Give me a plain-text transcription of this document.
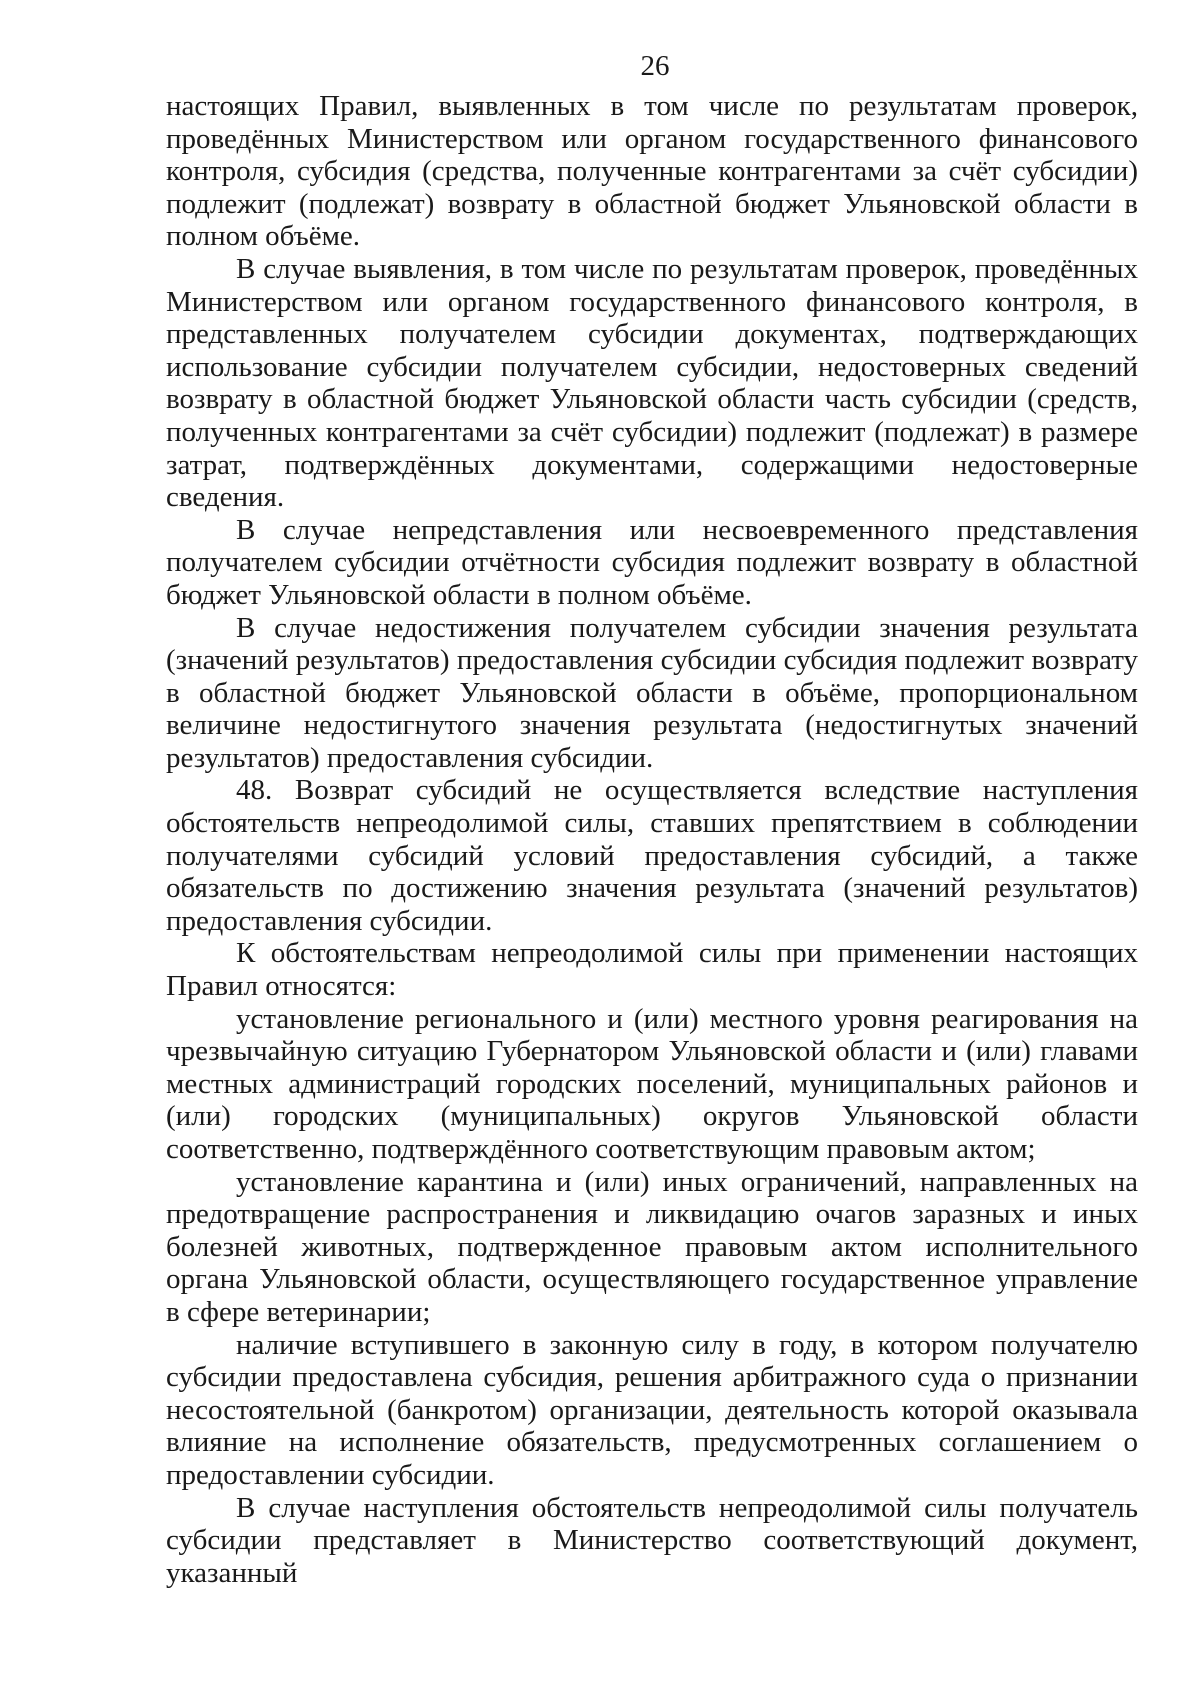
26

настоящих Правил, выявленных в том числе по результатам проверок, проведённых Министерством или органом государственного финансового контроля, субсидия (средства, полученные контрагентами за счёт субсидии) подлежит (подлежат) возврату в областной бюджет Ульяновской области в полном объёме.

В случае выявления, в том числе по результатам проверок, проведённых Министерством или органом государственного финансового контроля, в представленных получателем субсидии документах, подтверждающих использование субсидии получателем субсидии, недостоверных сведений возврату в областной бюджет Ульяновской области часть субсидии (средств, полученных контрагентами за счёт субсидии) подлежит (подлежат) в размере затрат, подтверждённых документами, содержащими недостоверные сведения.

В случае непредставления или несвоевременного представления получателем субсидии отчётности субсидия подлежит возврату в областной бюджет Ульяновской области в полном объёме.

В случае недостижения получателем субсидии значения результата (значений результатов) предоставления субсидии субсидия подлежит возврату в областной бюджет Ульяновской области в объёме, пропорциональном величине недостигнутого значения результата (недостигнутых значений результатов) предоставления субсидии.

48. Возврат субсидий не осуществляется вследствие наступления обстоятельств непреодолимой силы, ставших препятствием в соблюдении получателями субсидий условий предоставления субсидий, а также обязательств по достижению значения результата (значений результатов) предоставления субсидии.

К обстоятельствам непреодолимой силы при применении настоящих Правил относятся:

установление регионального и (или) местного уровня реагирования на чрезвычайную ситуацию Губернатором Ульяновской области и (или) главами местных администраций городских поселений, муниципальных районов и (или) городских (муниципальных) округов Ульяновской области соответственно, подтверждённого соответствующим правовым актом;

установление карантина и (или) иных ограничений, направленных на предотвращение распространения и ликвидацию очагов заразных и иных болезней животных, подтвержденное правовым актом исполнительного органа Ульяновской области, осуществляющего государственное управление в сфере ветеринарии;

наличие вступившего в законную силу в году, в котором получателю субсидии предоставлена субсидия, решения арбитражного суда о признании несостоятельной (банкротом) организации, деятельность которой оказывала влияние на исполнение обязательств, предусмотренных соглашением о предоставлении субсидии.

В случае наступления обстоятельств непреодолимой силы получатель субсидии представляет в Министерство соответствующий документ, указанный
